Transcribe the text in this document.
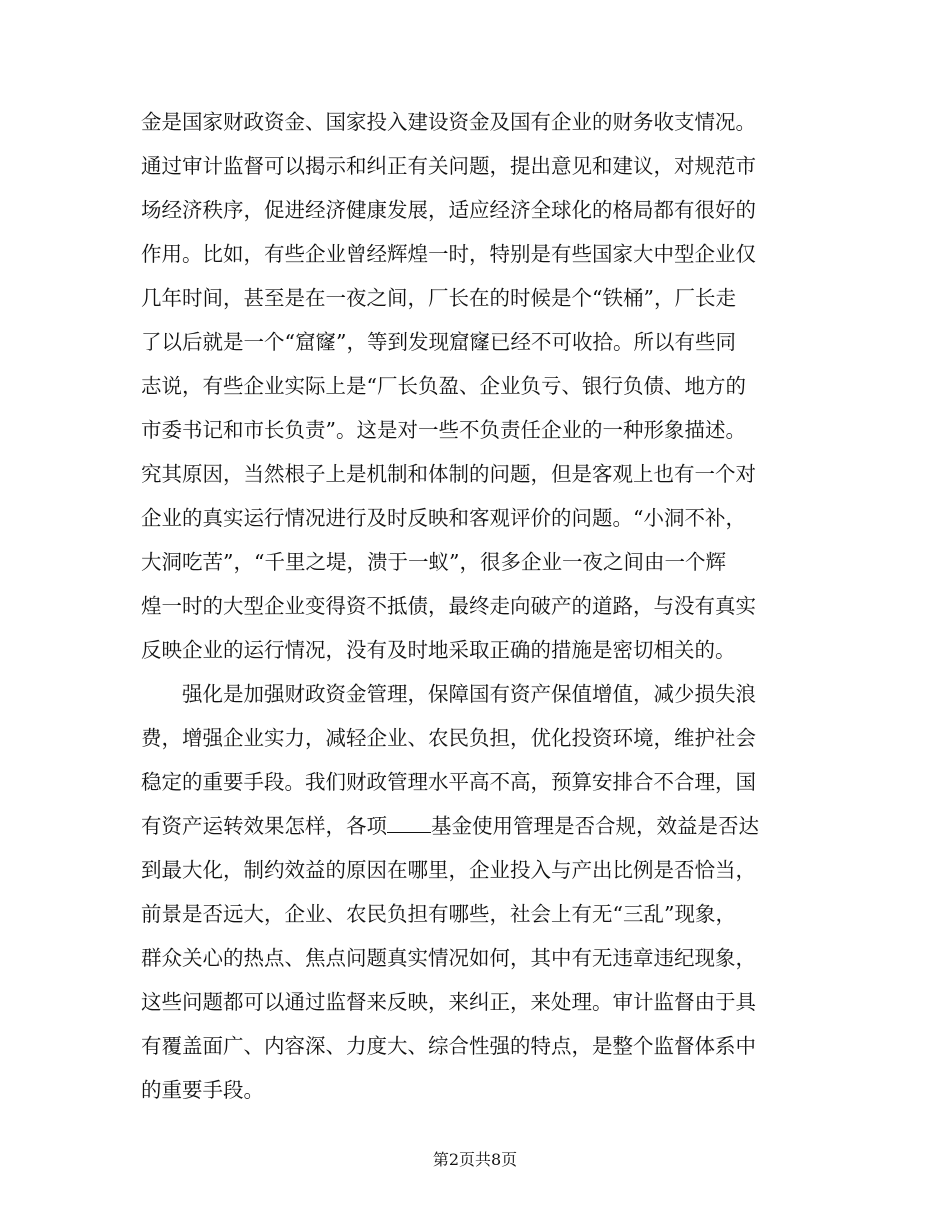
金是国家财政资金、国家投入建设资金及国有企业的财务收支情况。
通过审计监督可以揭示和纠正有关问题，提出意见和建议，对规范市
场经济秩序，促进经济健康发展，适应经济全球化的格局都有很好的
作用。比如，有些企业曾经辉煌一时，特别是有些国家大中型企业仅
几年时间，甚至是在一夜之间，厂长在的时候是个“铁桶”，厂长走
了以后就是一个“窟窿”，等到发现窟窿已经不可收拾。所以有些同
志说，有些企业实际上是“厂长负盈、企业负亏、银行负债、地方的
市委书记和市长负责”。这是对一些不负责任企业的一种形象描述。
究其原因，当然根子上是机制和体制的问题，但是客观上也有一个对
企业的真实运行情况进行及时反映和客观评价的问题。“小洞不补，
大洞吃苦”，“千里之堤，溃于一蚁”，很多企业一夜之间由一个辉
煌一时的大型企业变得资不抵债，最终走向破产的道路，与没有真实
反映企业的运行情况，没有及时地采取正确的措施是密切相关的。
　　强化是加强财政资金管理，保障国有资产保值增值，减少损失浪
费，增强企业实力，减轻企业、农民负担，优化投资环境，维护社会
稳定的重要手段。我们财政管理水平高不高，预算安排合不合理，国
有资产运转效果怎样，各项 基金使用管理是否合规，效益是否达
到最大化，制约效益的原因在哪里，企业投入与产出比例是否恰当，
前景是否远大，企业、农民负担有哪些，社会上有无“三乱”现象，
群众关心的热点、焦点问题真实情况如何，其中有无违章违纪现象，
这些问题都可以通过监督来反映，来纠正，来处理。审计监督由于具
有覆盖面广、内容深、力度大、综合性强的特点，是整个监督体系中
的重要手段。
第2页共8页
